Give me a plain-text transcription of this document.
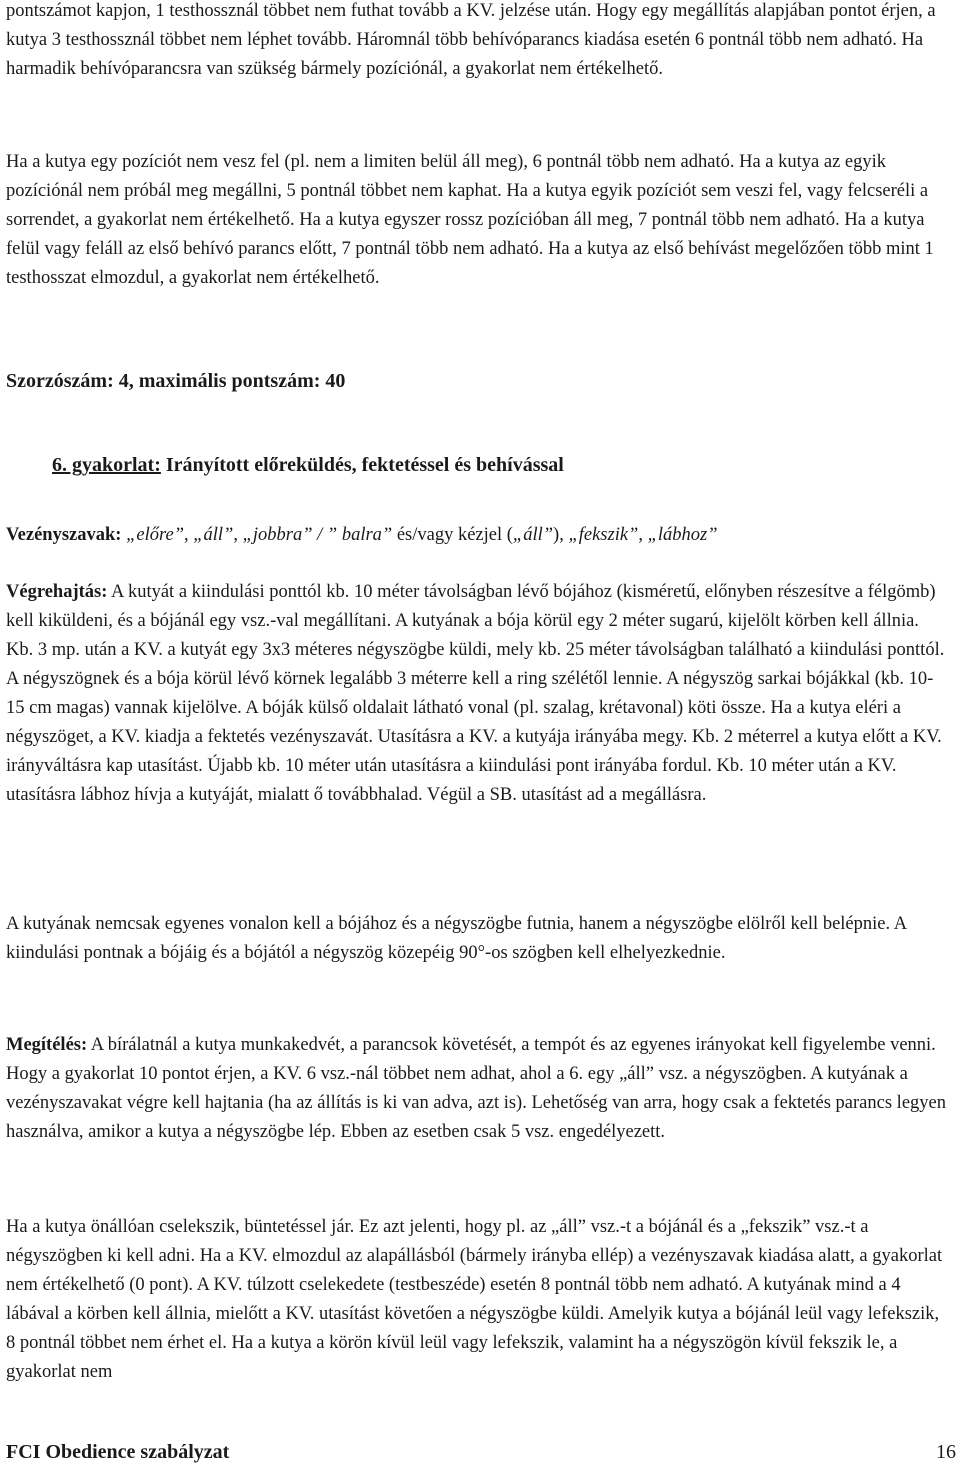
pontszámot kapjon, 1 testhossznál többet nem futhat tovább a KV. jelzése után. Hogy egy megállítás alapjában pontot érjen, a kutya 3 testhossznál többet nem léphet tovább. Háromnál több behívóparancs kiadása esetén 6 pontnál több nem adható. Ha harmadik behívóparancsra van szükség bármely pozíciónál, a gyakorlat nem értékelhető.

Ha a kutya egy pozíciót nem vesz fel (pl. nem a limiten belül áll meg), 6 pontnál több nem adható. Ha a kutya az egyik pozíciónál nem próbál meg megállni, 5 pontnál többet nem kaphat. Ha a kutya egyik pozíciót sem veszi fel, vagy felcseréli a sorrendet, a gyakorlat nem értékelhető. Ha a kutya egyszer rossz pozícióban áll meg, 7 pontnál több nem adható. Ha a kutya felül vagy feláll az első behívó parancs előtt, 7 pontnál több nem adható. Ha a kutya az első behívást megelőzően több mint 1 testhosszat elmozdul, a gyakorlat nem értékelhető.

Szorzószám: 4, maximális pontszám: 40

6. gyakorlat: Irányított előreküldés, fektetéssel és behívással

Vezényszavak: „előre”, „áll”, „jobbra” / ” balra” és/vagy kézjel („áll”), „fekszik”, „lábhoz”

Végrehajtás: A kutyát a kiindulási ponttól kb. 10 méter távolságban lévő bójához (kisméretű, előnyben részesítve a félgömb) kell kiküldeni, és a bójánál egy vsz.-val megállítani. A kutyának a bója körül egy 2 méter sugarú, kijelölt körben kell állnia. Kb. 3 mp. után a KV. a kutyát egy 3x3 méteres négyszögbe küldi, mely kb. 25 méter távolságban található a kiindulási ponttól. A négyszögnek és a bója körül lévő körnek legalább 3 méterre kell a ring szélétől lennie. A négyszög sarkai bójákkal (kb. 10-15 cm magas) vannak kijelölve. A bóják külső oldalait látható vonal (pl. szalag, krétavonal) köti össze. Ha a kutya eléri a négyszöget, a KV. kiadja a fektetés vezényszavát. Utasításra a KV. a kutyája irányába megy. Kb. 2 méterrel a kutya előtt a KV. irányváltásra kap utasítást. Újabb kb. 10 méter után utasításra a kiindulási pont irányába fordul. Kb. 10 méter után a KV. utasításra lábhoz hívja a kutyáját, mialatt ő továbbhalad. Végül a SB. utasítást ad a megállásra.

A kutyának nemcsak egyenes vonalon kell a bójához és a négyszögbe futnia, hanem a négyszögbe elölről kell belépnie. A kiindulási pontnak a bójáig és a bójától a négyszög közepéig 90°-os szögben kell elhelyezkednie.

Megítélés: A bírálatnál a kutya munkakedvét, a parancsok követését, a tempót és az egyenes irányokat kell figyelembe venni. Hogy a gyakorlat 10 pontot érjen, a KV. 6 vsz.-nál többet nem adhat, ahol a 6. egy „áll” vsz. a négyszögben. A kutyának a vezényszavakat végre kell hajtania (ha az állítás is ki van adva, azt is). Lehetőség van arra, hogy csak a fektetés parancs legyen használva, amikor a kutya a négyszögbe lép. Ebben az esetben csak 5 vsz. engedélyezett.

Ha a kutya önállóan cselekszik, büntetéssel jár. Ez azt jelenti, hogy pl. az „áll” vsz.-t a bójánál és a „fekszik” vsz.-t a négyszögben ki kell adni. Ha a KV. elmozdul az alapállásból (bármely irányba ellép) a vezényszavak kiadása alatt, a gyakorlat nem értékelhető (0 pont). A KV. túlzott cselekedete (testbeszéde) esetén 8 pontnál több nem adható. A kutyának mind a 4 lábával a körben kell állnia, mielőtt a KV. utasítást követően a négyszögbe küldi. Amelyik kutya a bójánál leül vagy lefekszik, 8 pontnál többet nem érhet el. Ha a kutya a körön kívül leül vagy lefekszik, valamint ha a négyszögön kívül fekszik le, a gyakorlat nem

FCI Obedience szabályzat	16
